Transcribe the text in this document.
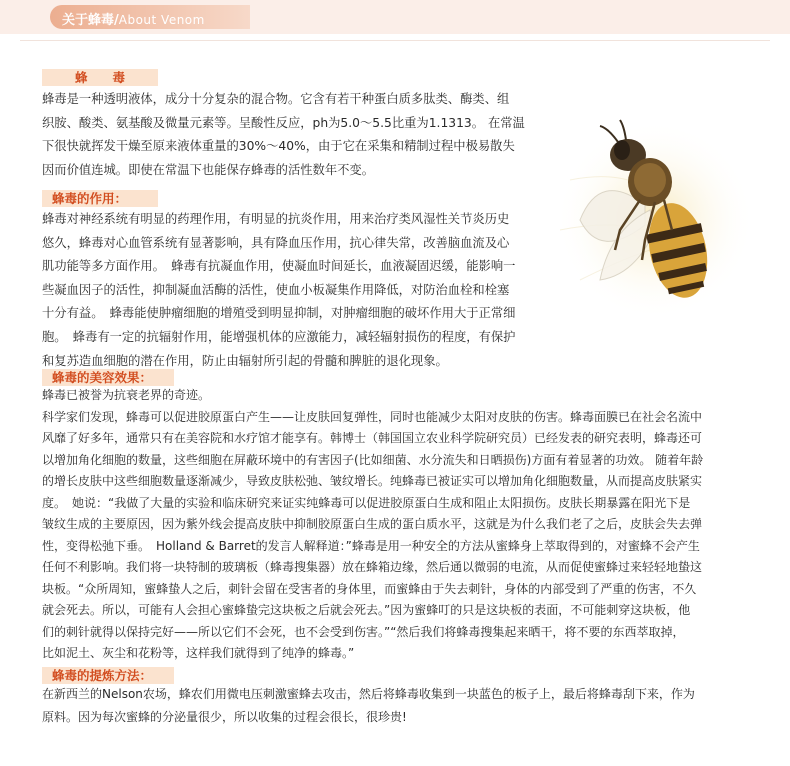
关于蜂毒/About Venom
蜂　　毒
蜂毒是一种透明液体，成分十分复杂的混合物。它含有若干种蛋白质多肽类、酶类、组
织胺、酸类、氨基酸及微量元素等。呈酸性反应，ph为5.0～5.5比重为1.1313。 在常温
下很快就挥发干燥至原来液体重量的30%～40%，由于它在采集和精制过程中极易散失
因而价值连城。即使在常温下也能保存蜂毒的活性数年不变。
蜂毒的作用：
蜂毒对神经系统有明显的药理作用，有明显的抗炎作用，用来治疗类风湿性关节炎历史
悠久，蜂毒对心血管系统有显著影响，具有降血压作用，抗心律失常，改善脑血流及心
肌功能等多方面作用。　蜂毒有抗凝血作用，使凝血时间延长，血液凝固迟缓，能影响一
些凝血因子的活性，抑制凝血活酶的活性，使血小板凝集作用降低，对防治血栓和栓塞
十分有益。　蜂毒能使肿瘤细胞的增殖受到明显抑制，对肿瘤细胞的破坏作用大于正常细
胞。　蜂毒有一定的抗辐射作用，能增强机体的应激能力，减轻辐射损伤的程度，有保护
和复苏造血细胞的潜在作用，防止由辐射所引起的骨髓和脾脏的退化现象。
蜂毒的美容效果：
蜂毒已被誉为抗衰老界的奇迹。
科学家们发现，蜂毒可以促进胶原蛋白产生——让皮肤回复弹性，同时也能减少太阳对皮肤的伤害。蜂毒面膜已在社会名流中
风靡了好多年，通常只有在美容院和水疗馆才能享有。韩博士（韩国国立农业科学院研究员）已经发表的研究表明，蜂毒还可
以增加角化细胞的数量，这些细胞在屏蔽环境中的有害因子(比如细菌、水分流失和日晒损伤)方面有着显著的功效。 随着年龄
的增长皮肤中这些细胞数量逐渐减少，导致皮肤松弛、皱纹增长。纯蜂毒已被证实可以增加角化细胞数量，从而提高皮肤紧实
度。　她说：“我做了大量的实验和临床研究来证实纯蜂毒可以促进胶原蛋白生成和阻止太阳损伤。皮肤长期暴露在阳光下是
皱纹生成的主要原因，因为紫外线会提高皮肤中抑制胶原蛋白生成的蛋白质水平，这就是为什么我们老了之后，皮肤会失去弹
性，变得松弛下垂。　Holland & Barret的发言人解释道：”蜂毒是用一种安全的方法从蜜蜂身上萃取得到的，对蜜蜂不会产生
任何不利影响。我们将一块特制的玻璃板（蜂毒搜集器）放在蜂箱边缘，然后通以微弱的电流，从而促使蜜蜂过来轻轻地蛰这
块板。“众所周知，蜜蜂蛰人之后，刺针会留在受害者的身体里，而蜜蜂由于失去刺针，身体的内部受到了严重的伤害，不久
就会死去。所以，可能有人会担心蜜蜂蛰完这块板之后就会死去。”因为蜜蜂叮的只是这块板的表面，不可能刺穿这块板，他
们的刺针就得以保持完好——所以它们不会死，也不会受到伤害。”“然后我们将蜂毒搜集起来晒干，将不要的东西萃取掉，
比如泥土、灰尘和花粉等，这样我们就得到了纯净的蜂毒。”
蜂毒的提炼方法：
在新西兰的Nelson农场，蜂农们用微电压刺激蜜蜂去攻击，然后将蜂毒收集到一块蓝色的板子上，最后将蜂毒刮下来，作为
原料。因为每次蜜蜂的分泌量很少，所以收集的过程会很长，很珍贵!
